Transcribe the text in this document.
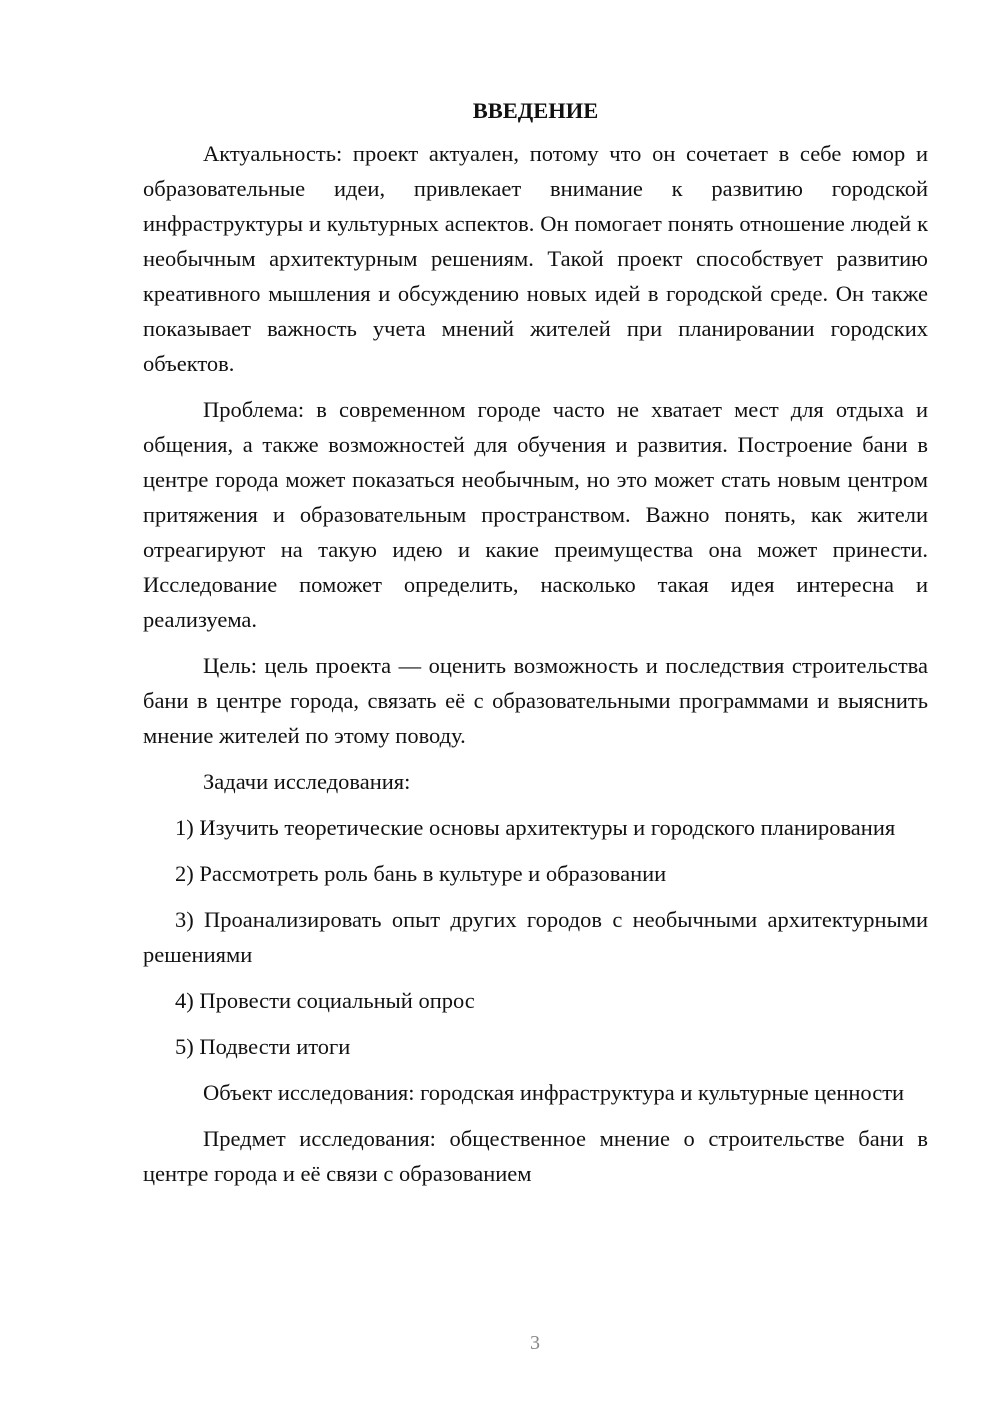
ВВЕДЕНИЕ

Актуальность: проект актуален, потому что он сочетает в себе юмор и образовательные идеи, привлекает внимание к развитию городской инфраструктуры и культурных аспектов. Он помогает понять отношение людей к необычным архитектурным решениям. Такой проект способствует развитию креативного мышления и обсуждению новых идей в городской среде. Он также показывает важность учета мнений жителей при планировании городских объектов.

Проблема: в современном городе часто не хватает мест для отдыха и общения, а также возможностей для обучения и развития. Построение бани в центре города может показаться необычным, но это может стать новым центром притяжения и образовательным пространством. Важно понять, как жители отреагируют на такую идею и какие преимущества она может принести. Исследование поможет определить, насколько такая идея интересна и реализуема.

Цель: цель проекта — оценить возможность и последствия строительства бани в центре города, связать её с образовательными программами и выяснить мнение жителей по этому поводу.

Задачи исследования:

1) Изучить теоретические основы архитектуры и городского планирования

2) Рассмотреть роль бань в культуре и образовании

3) Проанализировать опыт других городов с необычными архитектурными решениями

4) Провести социальный опрос

5) Подвести итоги

Объект исследования: городская инфраструктура и культурные ценности

Предмет исследования: общественное мнение о строительстве бани в центре города и её связи с образованием

3
